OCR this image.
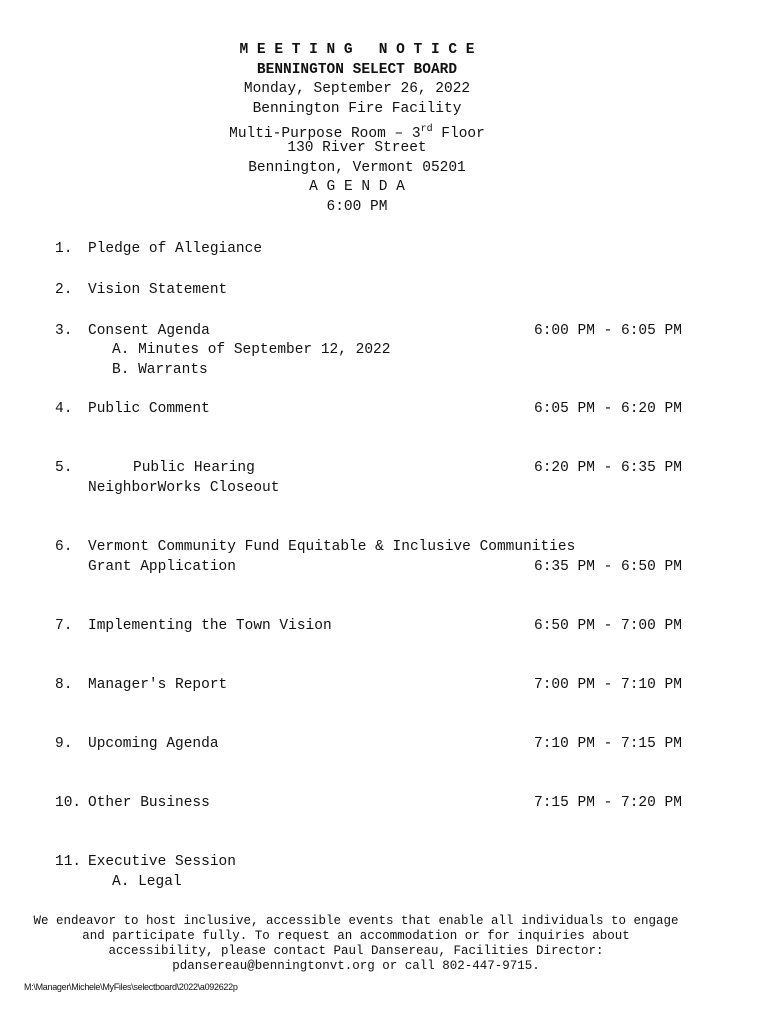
M E E T I N G   N O T I C E
BENNINGTON SELECT BOARD
Monday, September 26, 2022
Bennington Fire Facility
Multi-Purpose Room – 3rd Floor
130 River Street
Bennington, Vermont 05201
A G E N D A
6:00 PM
1. Pledge of Allegiance
2. Vision Statement
3. Consent Agenda	6:00 PM - 6:05 PM
A. Minutes of September 12, 2022
B. Warrants
4. Public Comment	6:05 PM - 6:20 PM
5.	Public Hearing	6:20 PM - 6:35 PM
NeighborWorks Closeout
6. Vermont Community Fund Equitable & Inclusive Communities
Grant Application	6:35 PM - 6:50 PM
7. Implementing the Town Vision	6:50 PM - 7:00 PM
8. Manager's Report	7:00 PM - 7:10 PM
9. Upcoming Agenda	7:10 PM - 7:15 PM
10. Other Business	7:15 PM - 7:20 PM
11. Executive Session
A. Legal
We endeavor to host inclusive, accessible events that enable all individuals to engage
and participate fully. To request an accommodation or for inquiries about
accessibility, please contact Paul Dansereau, Facilities Director:
pdansereau@benningtonvt.org or call 802-447-9715.
M:\Manager\Michele\MyFiles\selectboard\2022\a092622p
